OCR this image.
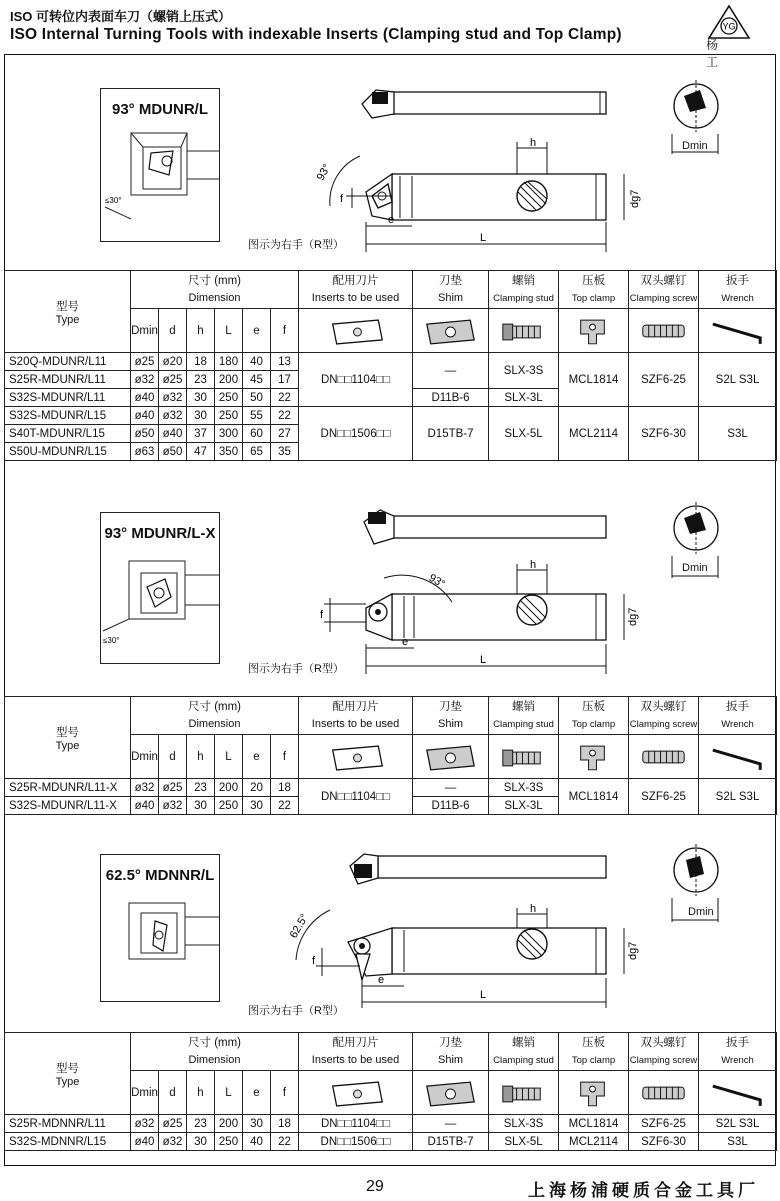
ISO 可转位内表面车刀（螺销上压式）
ISO Internal Turning Tools with indexable Inserts (Clamping stud and Top Clamp)	YG
杨 工
93° MDUNR/L
≤30°
h
dg7
L
e
f
93°
Dmin
图示为右手（R型）
型号
Type	尺寸 (mm)						配用刀片	刀垫	螺销	压板	双头螺钉	扳手
	Dimension						Inserts to be used	Shim	Clamping stud	Top clamp	Clamping screw	Wrench
	Dmin	d	h	L	e	f	

S20Q-MDUNR/L11	ø25	ø20	18	180	40	13	DN□□1104□□	—	SLX-3S	MCL1814	SZF6-25	S2L S3L
S25R-MDUNR/L11	ø32	ø25	23	200	45	17						
S32S-MDUNR/L11	ø40	ø32	30	250	50	22		D11B-6	SLX-3L			
S32S-MDUNR/L15	ø40	ø32	30	250	55	22	DN□□1506□□	D15TB-7	SLX-5L	MCL2114	SZF6-30	S3L
S40T-MDUNR/L15	ø50	ø40	37	300	60	27						
S50U-MDUNR/L15	ø63	ø50	47	350	65	35						
93° MDUNR/L-X
≤30°
h
dg7
L
e
f
93°
Dmin
图示为右手（R型）
型号
Type	尺寸 (mm)						配用刀片	刀垫	螺销	压板	双头螺钉	扳手
	Dimension						Inserts to be used	Shim	Clamping stud	Top clamp	Clamping screw	Wrench
	Dmin	d	h	L	e	f	

S25R-MDUNR/L11-X	ø32	ø25	23	200	20	18	DN□□1104□□	—	SLX-3S	MCL1814	SZF6-25	S2L S3L
S32S-MDUNR/L11-X	ø40	ø32	30	250	30	22		D11B-6	SLX-3L			
62.5° MDNNR/L
h
dg7
L
e
f
62.5°
Dmin
图示为右手（R型）
型号
Type	尺寸 (mm)						配用刀片	刀垫	螺销	压板	双头螺钉	扳手
	Dimension						Inserts to be used	Shim	Clamping stud	Top clamp	Clamping screw	Wrench
	Dmin	d	h	L	e	f	

S25R-MDNNR/L11	ø32	ø25	23	200	30	18	DN□□1104□□	—	SLX-3S	MCL1814	SZF6-25	S2L S3L
S32S-MDNNR/L15	ø40	ø32	30	250	40	22	DN□□1506□□	D15TB-7	SLX-5L	MCL2114	SZF6-30	S3L
29	上海杨浦硬质合金工具厂
